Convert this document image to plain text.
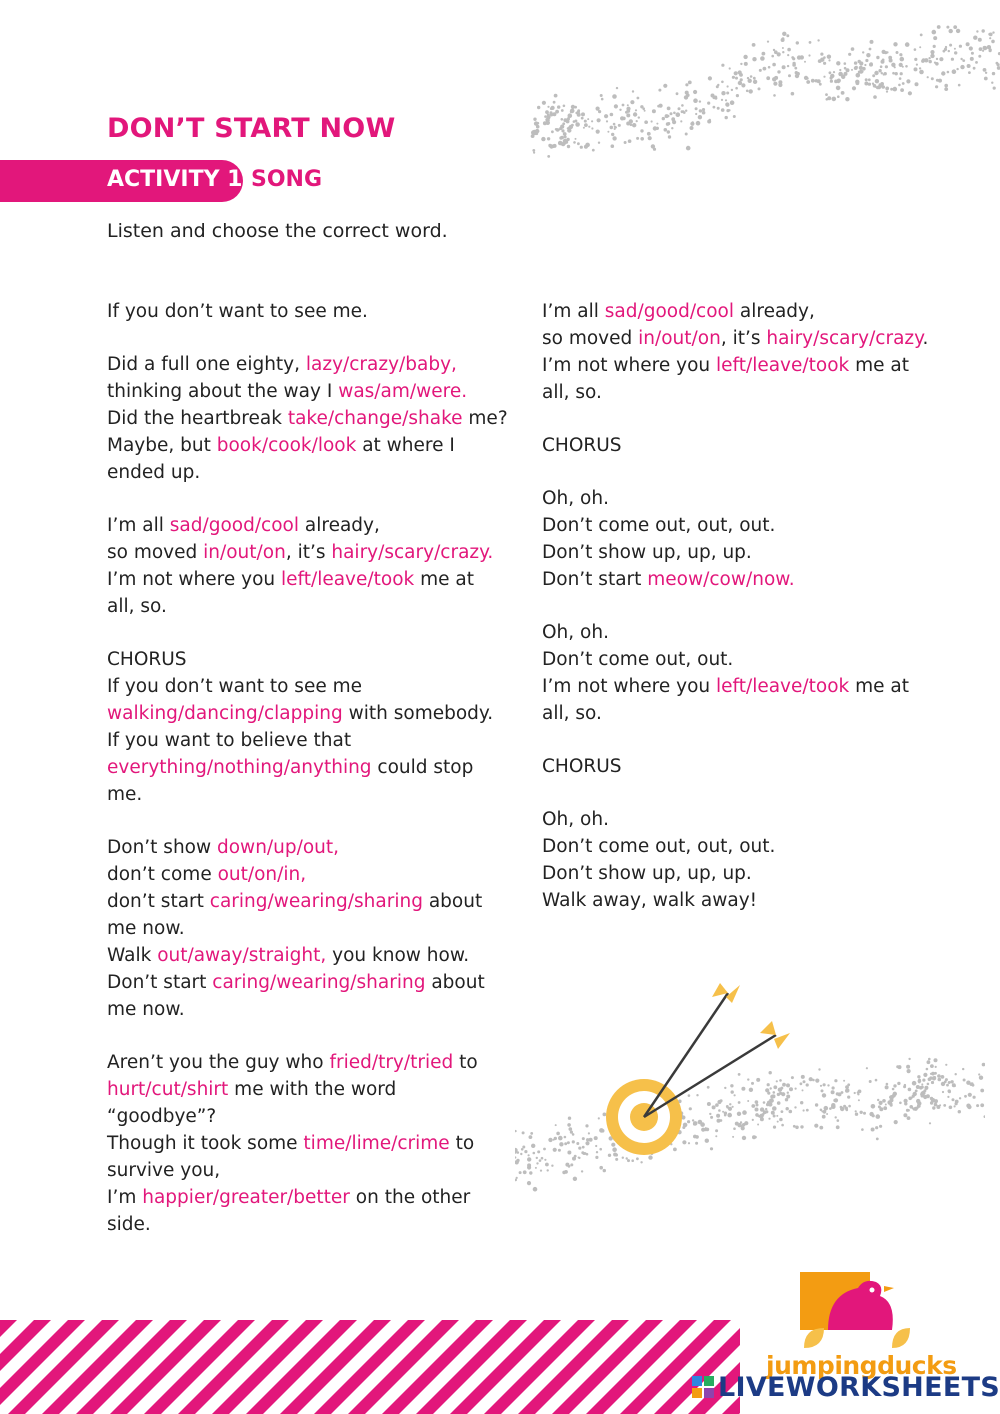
DON’T START NOW
ACTIVITY 1 SONG
Listen and choose the correct word.

If you don’t want to see me.

Did a full one eighty, lazy/crazy/baby,
thinking about the way I was/am/were.
Did the heartbreak take/change/shake me?
Maybe, but book/cook/look at where I
ended up.

I’m all sad/good/cool already,
so moved in/out/on, it’s hairy/scary/crazy.
I’m not where you left/leave/took me at
all, so.

CHORUS
If you don’t want to see me
walking/dancing/clapping with somebody.
If you want to believe that
everything/nothing/anything could stop
me.

Don’t show down/up/out,
don’t come out/on/in,
don’t start caring/wearing/sharing about
me now.
Walk out/away/straight, you know how.
Don’t start caring/wearing/sharing about
me now.

Aren’t you the guy who fried/try/tried to
hurt/cut/shirt me with the word
“goodbye”?
Though it took some time/lime/crime to
survive you,
I’m happier/greater/better on the other
side.

I’m all sad/good/cool already,
so moved in/out/on, it’s hairy/scary/crazy.
I’m not where you left/leave/took me at
all, so.

CHORUS

Oh, oh.
Don’t come out, out, out.
Don’t show up, up, up.
Don’t start meow/cow/now.

Oh, oh.
Don’t come out, out.
I’m not where you left/leave/took me at
all, so.

CHORUS

Oh, oh.
Don’t come out, out, out.
Don’t show up, up, up.
Walk away, walk away!

jumpingducks
LIVEWORKSHEETS
